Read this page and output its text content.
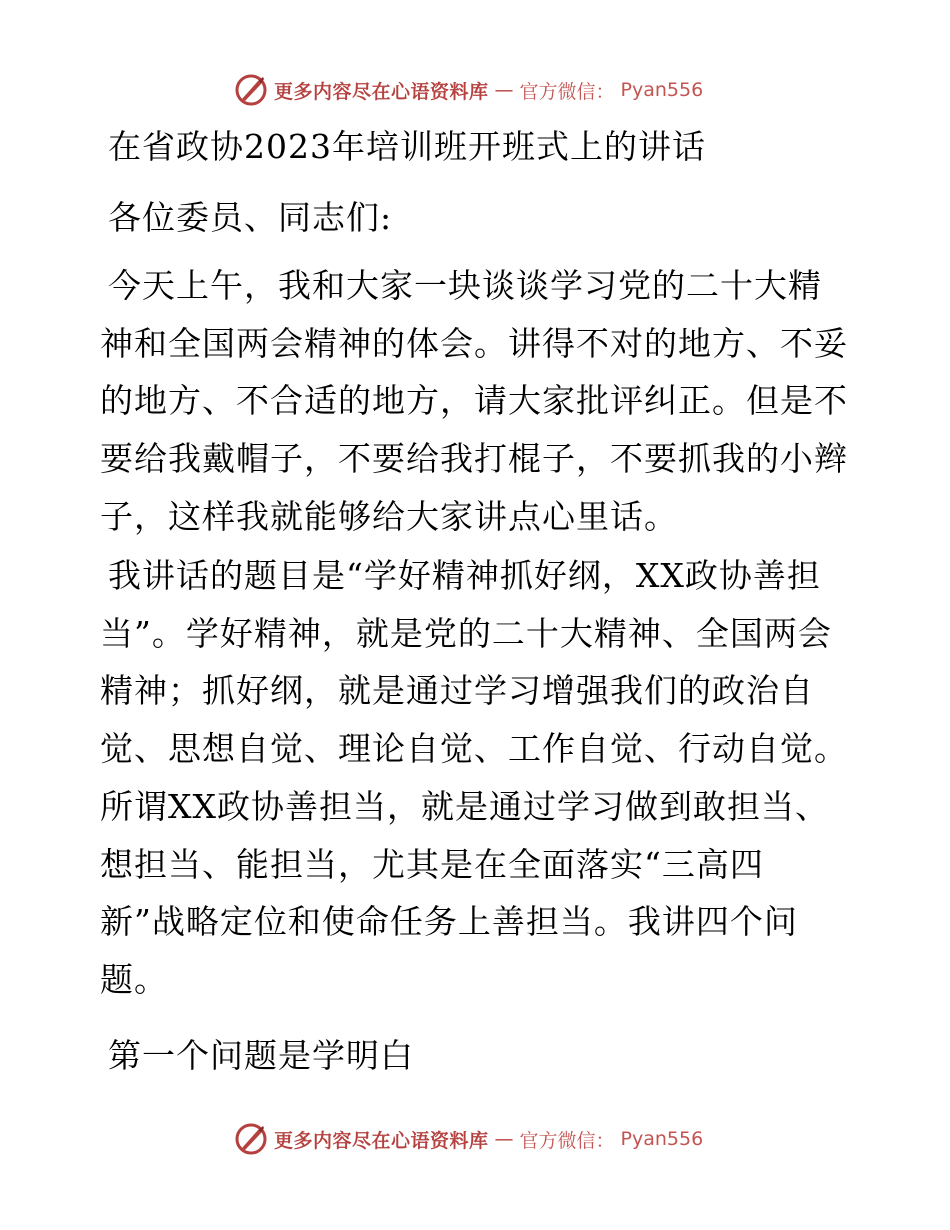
更多内容尽在心语资料库 — 官方微信： Pyan556
在省政协2023年培训班开班式上的讲话
各位委员、同志们:
今天上午，我和大家一块谈谈学习党的二十大精
神和全国两会精神的体会。讲得不对的地方、不妥
的地方、不合适的地方，请大家批评纠正。但是不
要给我戴帽子，不要给我打棍子，不要抓我的小辫
子，这样我就能够给大家讲点心里话。
我讲话的题目是“学好精神抓好纲，XX政协善担
当”。学好精神，就是党的二十大精神、全国两会
精神；抓好纲，就是通过学习增强我们的政治自
觉、思想自觉、理论自觉、工作自觉、行动自觉。
所谓XX政协善担当，就是通过学习做到敢担当、
想担当、能担当，尤其是在全面落实“三高四
新”战略定位和使命任务上善担当。我讲四个问
题。
第一个问题是学明白
更多内容尽在心语资料库 — 官方微信： Pyan556
